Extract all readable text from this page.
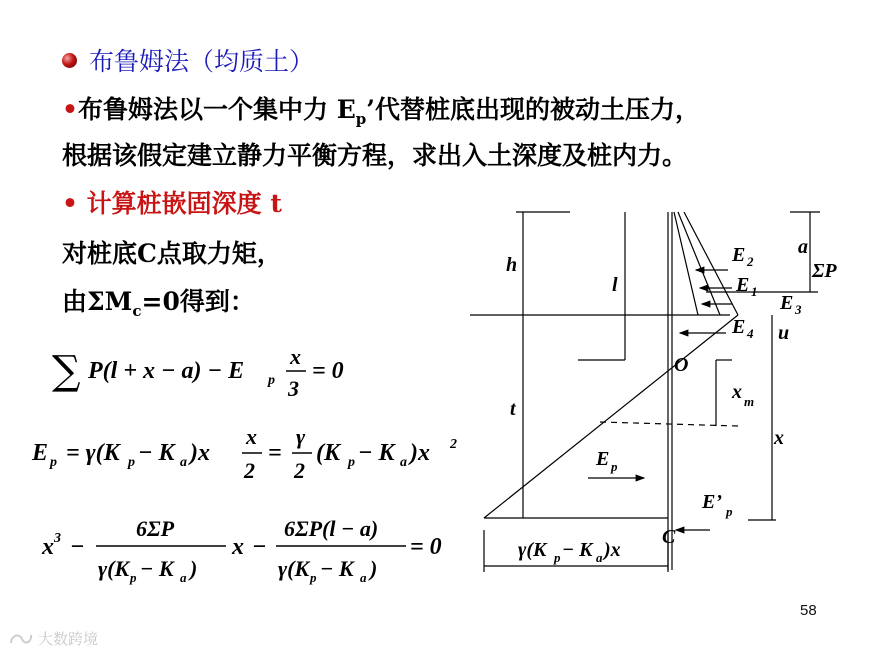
布鲁姆法（均质土）
•布鲁姆法以一个集中力 $E_p$’代替桩底出现的被动土压力，
根据该假定建立静力平衡方程，求出入土深度及桩内力。
• 计算桩嵌固深度 t
对桩底C点取力矩，
由$\Sigma M_c=0$得到：
∑ P(l + x − a) − E p
x
3
= 0
E p = γ(K p − K a )x
x
2
=
γ
2
(K p − K a )x 2
x 3 −
6ΣP
γ(K p − K a )
x −
6ΣP(l − a)
γ(K p − K a )
= 0
h
l
t
a
ΣP
u
x m
x
O
C
E 2
E 1
E 3
E 4
E p
E’ p
γ(K p − K a )x
58
大数跨境
